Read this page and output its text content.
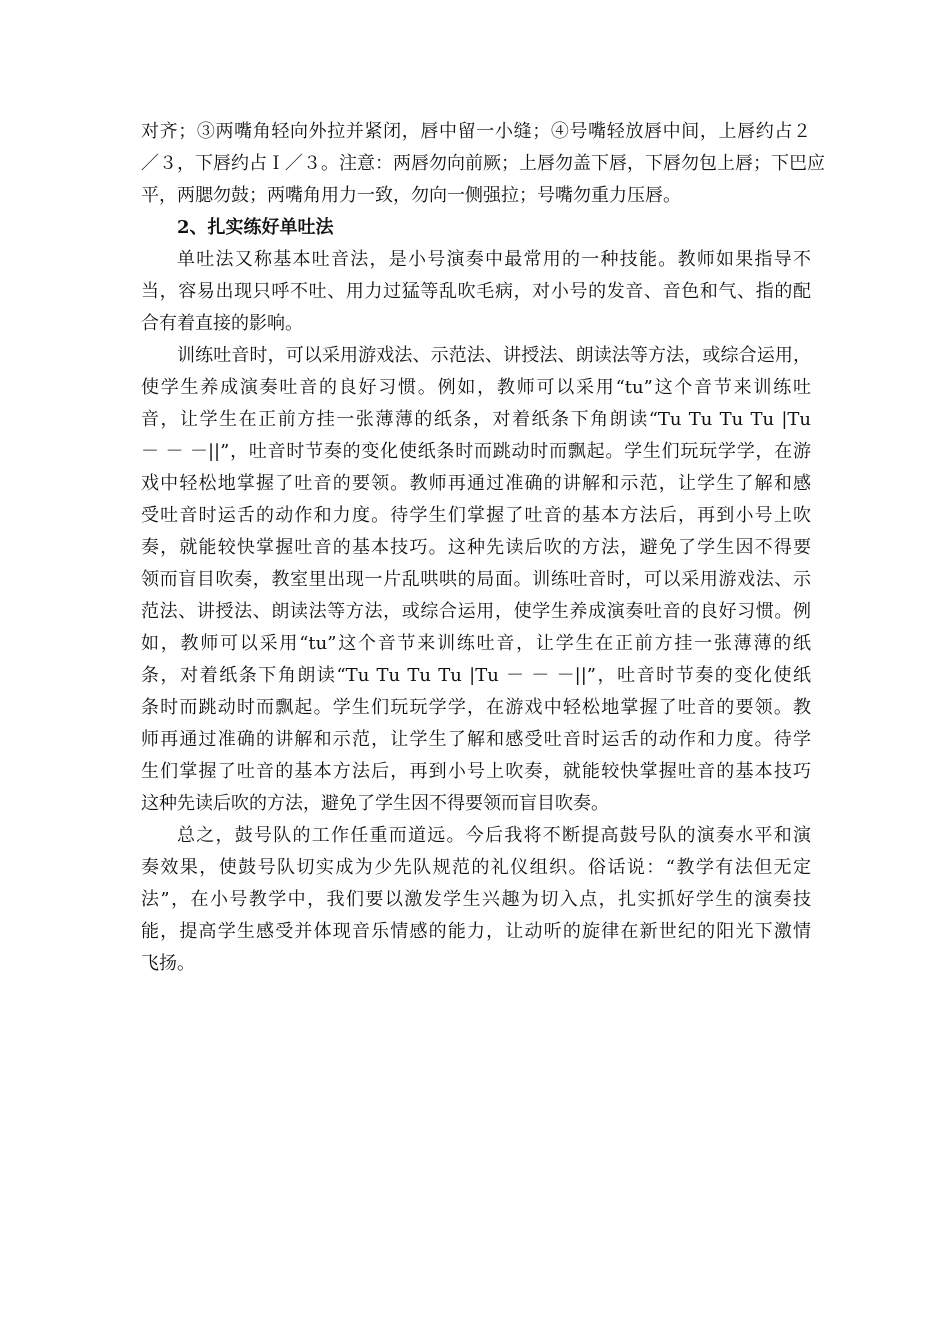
对齐；③两嘴角轻向外拉并紧闭，唇中留一小缝；④号嘴轻放唇中间，上唇约占２
／３，下唇约占Ｉ／３。注意：两唇勿向前厥；上唇勿盖下唇，下唇勿包上唇；下巴应
平，两腮勿鼓；两嘴角用力一致，勿向一侧强拉；号嘴勿重力压唇。
2、扎实练好单吐法
单吐法又称基本吐音法，是小号演奏中最常用的一种技能。教师如果指导不
当，容易出现只呼不吐、用力过猛等乱吹毛病，对小号的发音、音色和气、指的配
合有着直接的影响。
训练吐音时，可以采用游戏法、示范法、讲授法、朗读法等方法，或综合运用，
使学生养成演奏吐音的良好习惯。例如，教师可以采用“tu”这个音节来训练吐
音，让学生在正前方挂一张薄薄的纸条，对着纸条下角朗读“Tu Tu Tu Tu |Tu
－ － －||”，吐音时节奏的变化使纸条时而跳动时而飘起。学生们玩玩学学，在游
戏中轻松地掌握了吐音的要领。教师再通过准确的讲解和示范，让学生了解和感
受吐音时运舌的动作和力度。待学生们掌握了吐音的基本方法后，再到小号上吹
奏，就能较快掌握吐音的基本技巧。这种先读后吹的方法，避免了学生因不得要
领而盲目吹奏，教室里出现一片乱哄哄的局面。训练吐音时，可以采用游戏法、示
范法、讲授法、朗读法等方法，或综合运用，使学生养成演奏吐音的良好习惯。例
如，教师可以采用“tu”这个音节来训练吐音，让学生在正前方挂一张薄薄的纸
条，对着纸条下角朗读“Tu Tu Tu Tu |Tu － － －||”，吐音时节奏的变化使纸
条时而跳动时而飘起。学生们玩玩学学，在游戏中轻松地掌握了吐音的要领。教
师再通过准确的讲解和示范，让学生了解和感受吐音时运舌的动作和力度。待学
生们掌握了吐音的基本方法后，再到小号上吹奏，就能较快掌握吐音的基本技巧
这种先读后吹的方法，避免了学生因不得要领而盲目吹奏。
总之，鼓号队的工作任重而道远。今后我将不断提高鼓号队的演奏水平和演
奏效果，使鼓号队切实成为少先队规范的礼仪组织。俗话说：“教学有法但无定
法”，在小号教学中，我们要以激发学生兴趣为切入点，扎实抓好学生的演奏技
能，提高学生感受并体现音乐情感的能力，让动听的旋律在新世纪的阳光下激情
飞扬。
